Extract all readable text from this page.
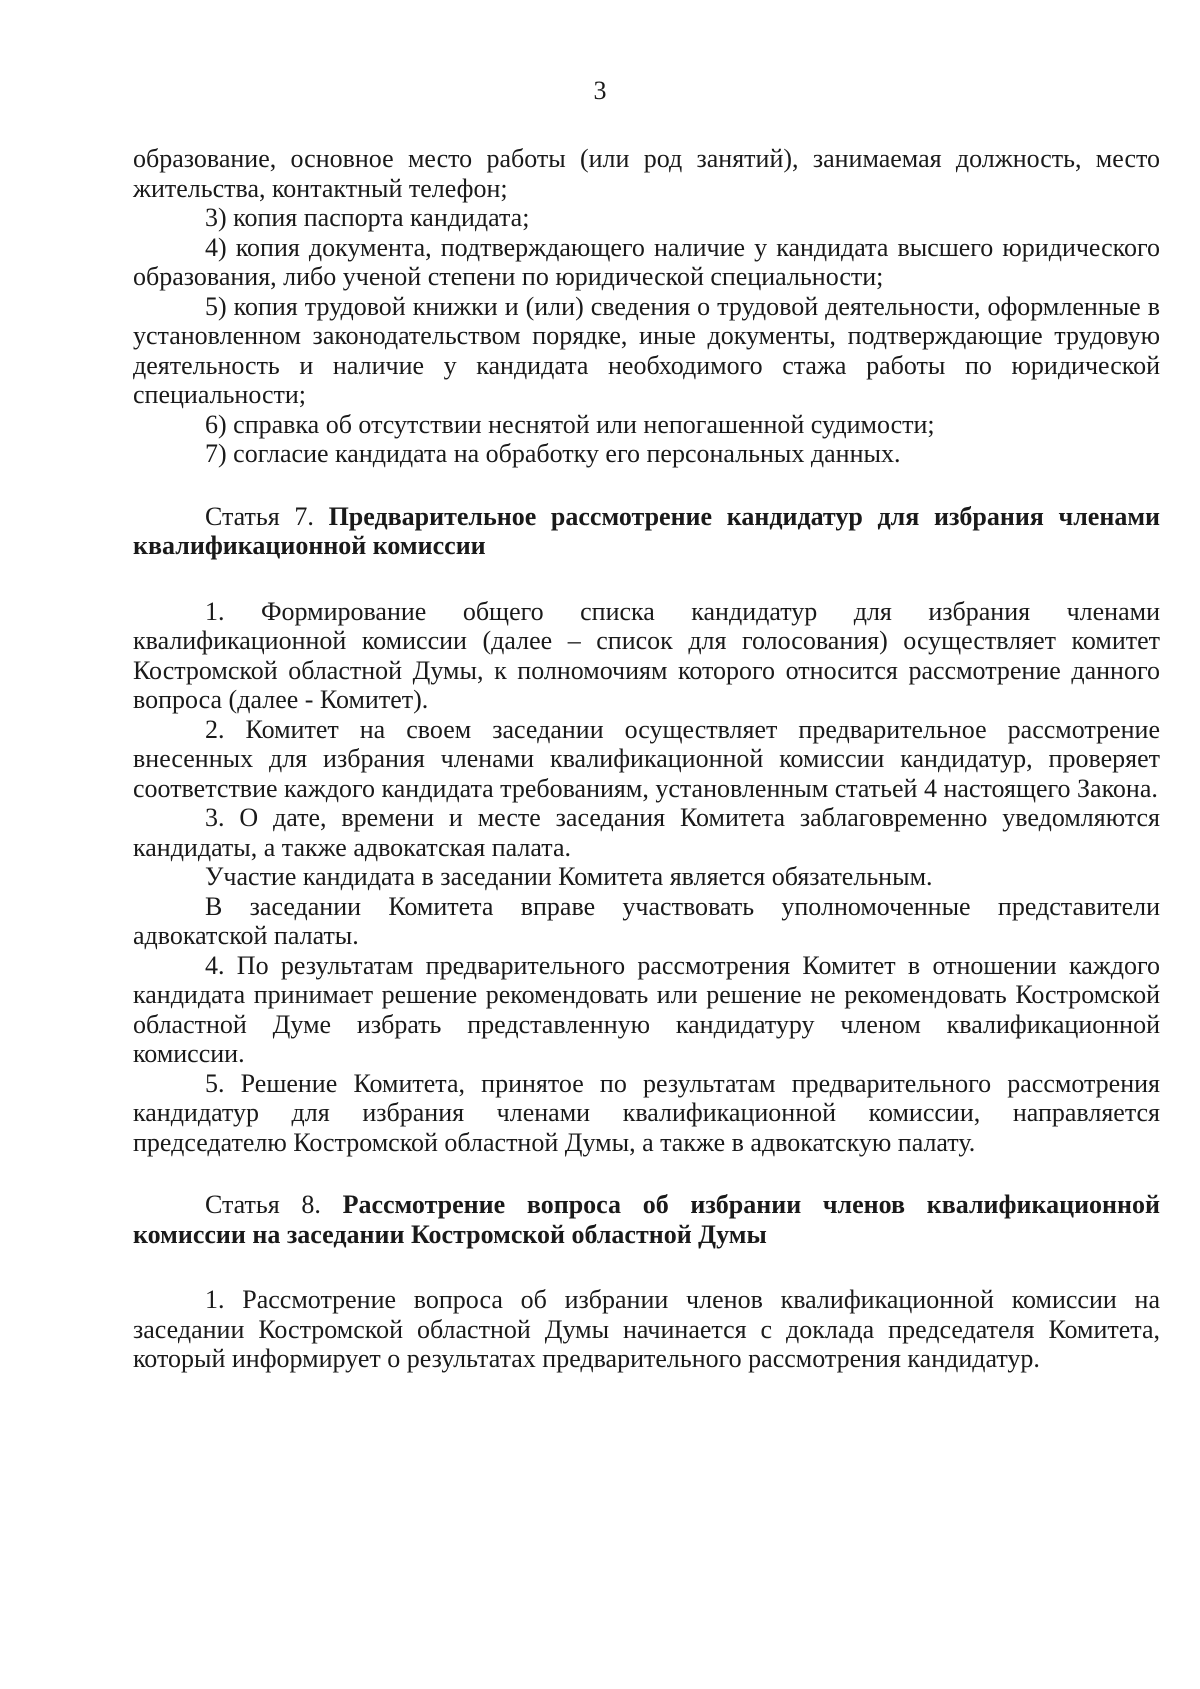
3

образование, основное место работы (или род занятий), занимаемая должность, место жительства, контактный телефон;

3) копия паспорта кандидата;

4) копия документа, подтверждающего наличие у кандидата высшего юридического образования, либо ученой степени по юридической специальности;

5) копия трудовой книжки и (или) сведения о трудовой деятельности, оформленные в установленном законодательством порядке, иные документы, подтверждающие трудовую деятельность и наличие у кандидата необходимого стажа работы по юридической специальности;

6) справка об отсутствии неснятой или непогашенной судимости;

7) согласие кандидата на обработку его персональных данных.

Статья 7. Предварительное рассмотрение кандидатур для избрания членами квалификационной комиссии

1. Формирование общего списка кандидатур для избрания членами квалификационной комиссии (далее – список для голосования) осуществляет комитет Костромской областной Думы, к полномочиям которого относится рассмотрение данного вопроса (далее - Комитет).

2. Комитет на своем заседании осуществляет предварительное рассмотрение внесенных для избрания членами квалификационной комиссии кандидатур, проверяет соответствие каждого кандидата требованиям, установленным статьей 4 настоящего Закона.

3. О дате, времени и месте заседания Комитета заблаговременно уведомляются кандидаты, а также адвокатская палата.

Участие кандидата в заседании Комитета является обязательным.

В заседании Комитета вправе участвовать уполномоченные представители адвокатской палаты.

4. По результатам предварительного рассмотрения Комитет в отношении каждого кандидата принимает решение рекомендовать или решение не рекомендовать Костромской областной Думе избрать представленную кандидатуру членом квалификационной комиссии.

5. Решение Комитета, принятое по результатам предварительного рассмотрения кандидатур для избрания членами квалификационной комиссии, направляется председателю Костромской областной Думы, а также в адвокатскую палату.

Статья 8. Рассмотрение вопроса об избрании членов квалификационной комиссии на заседании Костромской областной Думы

1. Рассмотрение вопроса об избрании членов квалификационной комиссии на заседании Костромской областной Думы начинается с доклада председателя Комитета, который информирует о результатах предварительного рассмотрения кандидатур.
